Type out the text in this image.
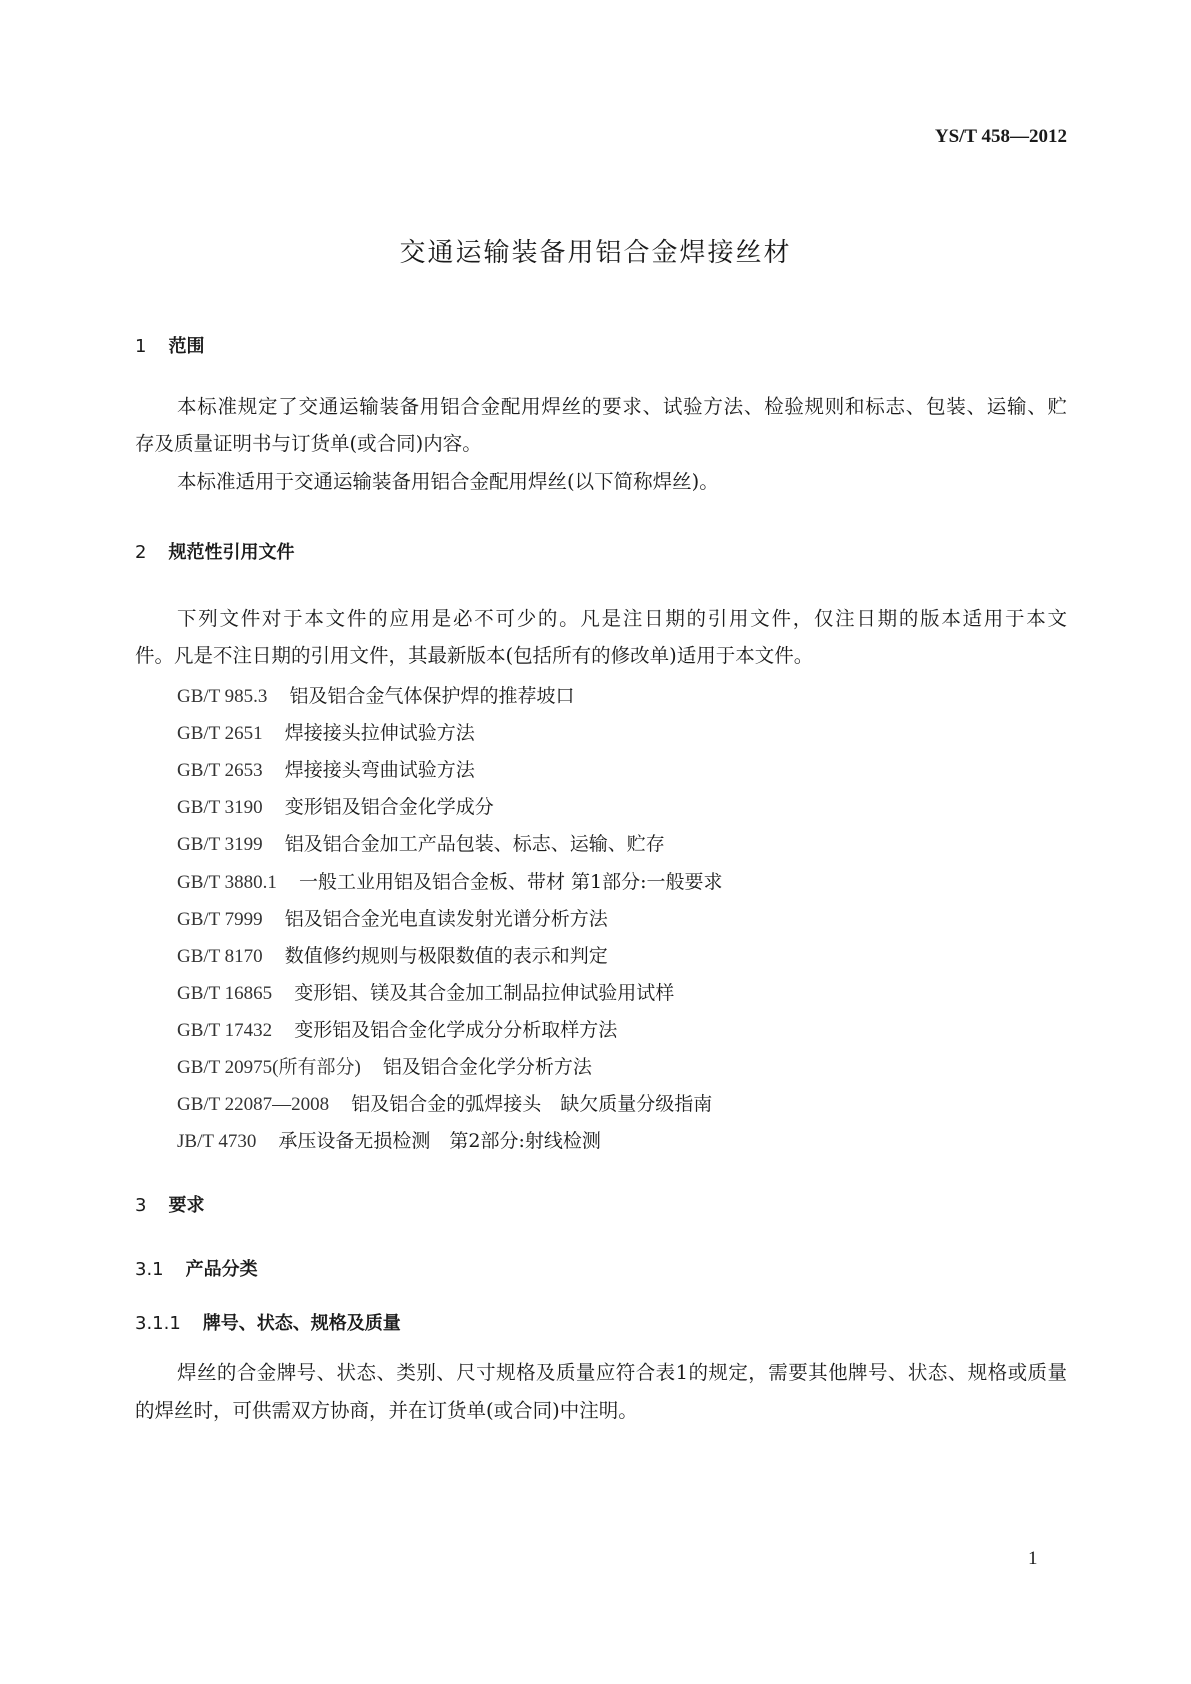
YS/T 458—2012
交通运输装备用铝合金焊接丝材
1 范围
本标准规定了交通运输装备用铝合金配用焊丝的要求、试验方法、检验规则和标志、包装、运输、贮
存及质量证明书与订货单(或合同)内容。
本标准适用于交通运输装备用铝合金配用焊丝(以下简称焊丝)。
2 规范性引用文件
下列文件对于本文件的应用是必不可少的。凡是注日期的引用文件，仅注日期的版本适用于本文
件。凡是不注日期的引用文件，其最新版本(包括所有的修改单)适用于本文件。
GB/T 985.3 铝及铝合金气体保护焊的推荐坡口
GB/T 2651 焊接接头拉伸试验方法
GB/T 2653 焊接接头弯曲试验方法
GB/T 3190 变形铝及铝合金化学成分
GB/T 3199 铝及铝合金加工产品包装、标志、运输、贮存
GB/T 3880.1 一般工业用铝及铝合金板、带材 第1部分:一般要求
GB/T 7999 铝及铝合金光电直读发射光谱分析方法
GB/T 8170 数值修约规则与极限数值的表示和判定
GB/T 16865 变形铝、镁及其合金加工制品拉伸试验用试样
GB/T 17432 变形铝及铝合金化学成分分析取样方法
GB/T 20975(所有部分) 铝及铝合金化学分析方法
GB/T 22087—2008 铝及铝合金的弧焊接头　缺欠质量分级指南
JB/T 4730 承压设备无损检测　第2部分:射线检测
3 要求
3.1 产品分类
3.1.1 牌号、状态、规格及质量
焊丝的合金牌号、状态、类别、尺寸规格及质量应符合表1的规定，需要其他牌号、状态、规格或质量
的焊丝时，可供需双方协商，并在订货单(或合同)中注明。
1
